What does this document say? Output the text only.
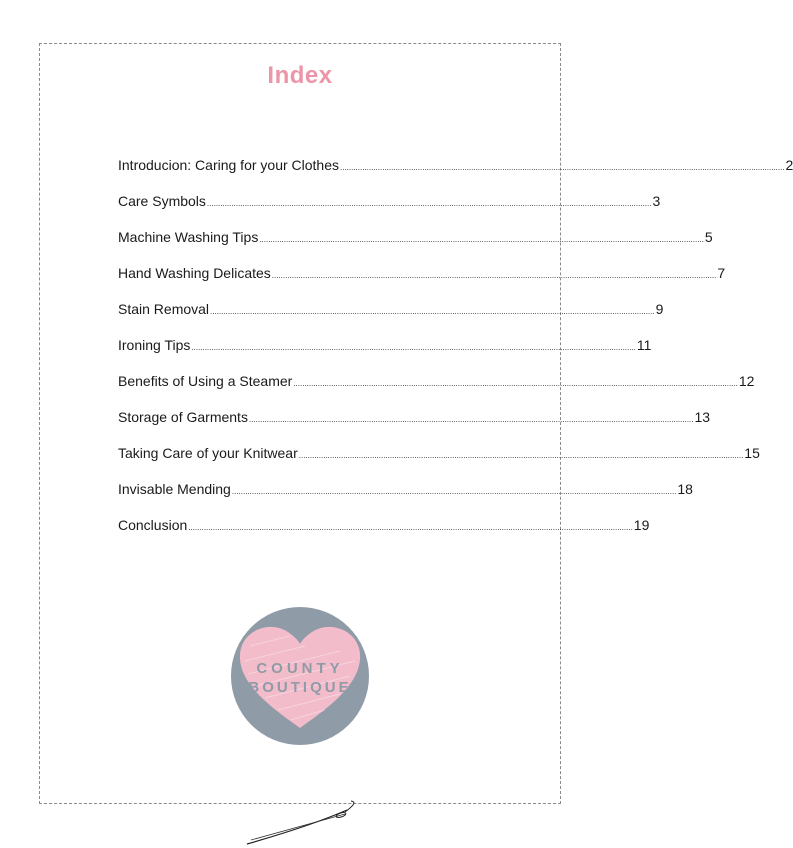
Index
Introducion: Caring for your Clothes ........................................................................................................................................................................................................ 2
Care Symbols ........................................................................................................................................................................................................ 3
Machine Washing Tips ........................................................................................................................................................................................................ 5
Hand Washing Delicates ........................................................................................................................................................................................................ 7
Stain Removal ........................................................................................................................................................................................................ 9
Ironing Tips ........................................................................................................................................................................................................ 11
Benefits of Using a Steamer ........................................................................................................................................................................................................ 12
Storage of Garments ........................................................................................................................................................................................................ 13
Taking Care of your Knitwear ........................................................................................................................................................................................................ 15
Invisable Mending ........................................................................................................................................................................................................ 18
Conclusion ........................................................................................................................................................................................................ 19
COUNTY
BOUTIQUE
